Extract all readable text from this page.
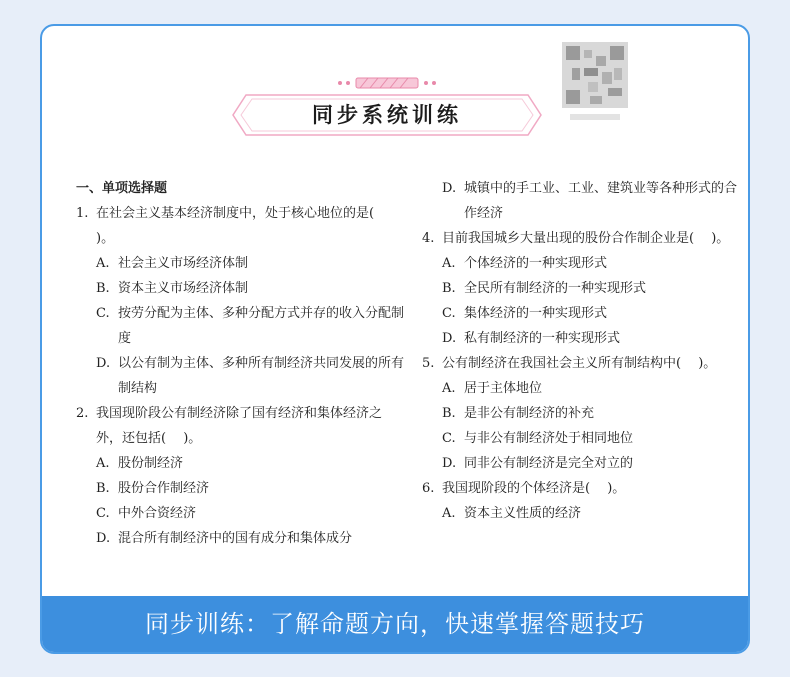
同步系统训练
一、单项选择题
1. 在社会主义基本经济制度中，处于核心地位的是(　 )。
A. 社会主义市场经济体制
B. 资本主义市场经济体制
C. 按劳分配为主体、多种分配方式并存的收入分配制度
D. 以公有制为主体、多种所有制经济共同发展的所有制结构
2. 我国现阶段公有制经济除了国有经济和集体经济之外，还包括(　 )。
A. 股份制经济
B. 股份合作制经济
C. 中外合资经济
D. 混合所有制经济中的国有成分和集体成分
D. 城镇中的手工业、工业、建筑业等各种形式的合作经济
4. 目前我国城乡大量出现的股份合作制企业是(　 )。
A. 个体经济的一种实现形式
B. 全民所有制经济的一种实现形式
C. 集体经济的一种实现形式
D. 私有制经济的一种实现形式
5. 公有制经济在我国社会主义所有制结构中(　 )。
A. 居于主体地位
B. 是非公有制经济的补充
C. 与非公有制经济处于相同地位
D. 同非公有制经济是完全对立的
6. 我国现阶段的个体经济是(　 )。
A. 资本主义性质的经济
同步训练：了解命题方向，快速掌握答题技巧
